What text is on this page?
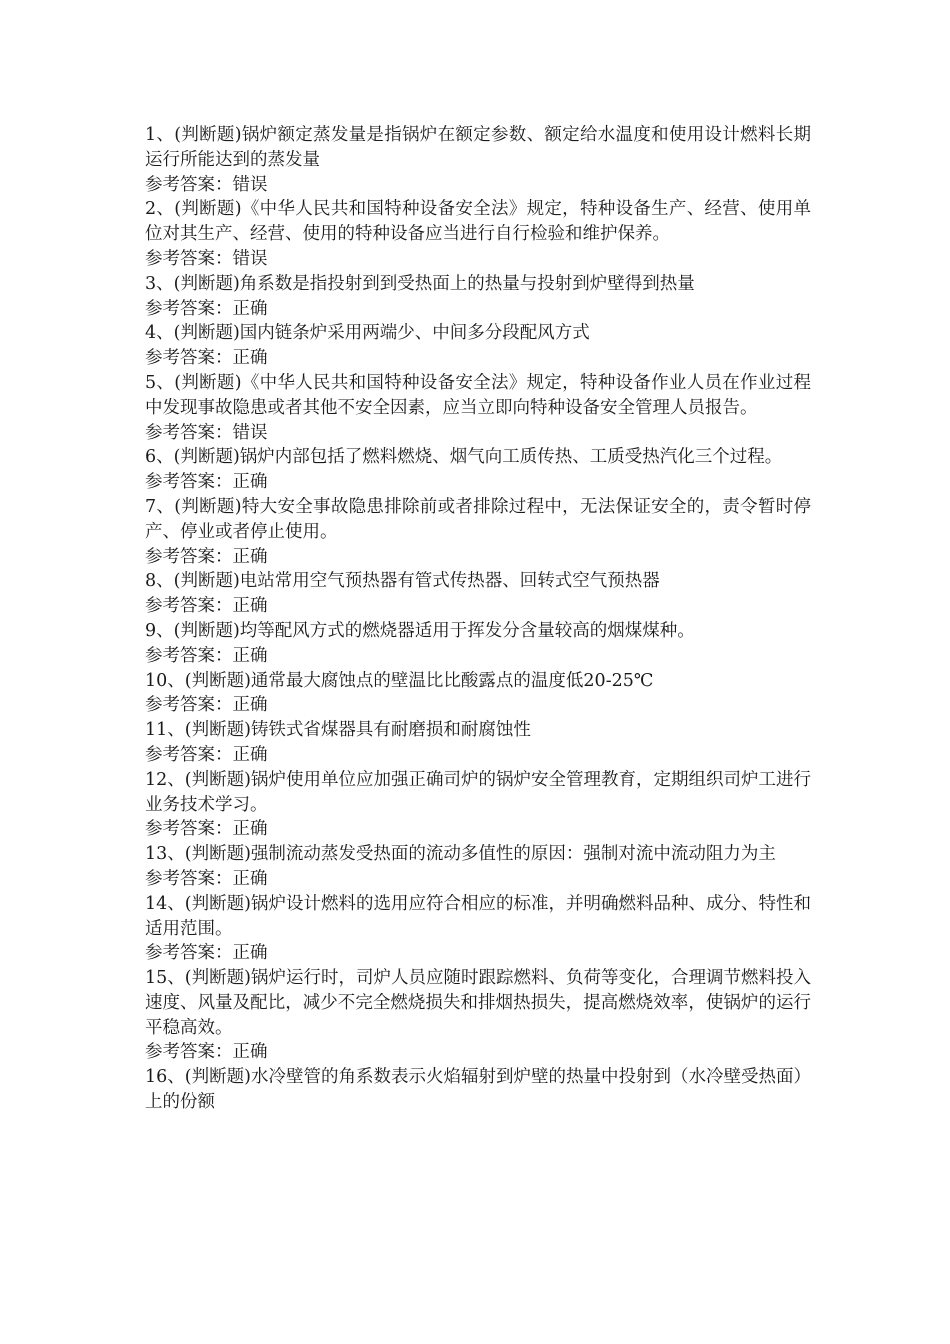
1、(判断题)锅炉额定蒸发量是指锅炉在额定参数、额定给水温度和使用设计燃料长期运行所能达到的蒸发量

参考答案：错误

2、(判断题)《中华人民共和国特种设备安全法》规定，特种设备生产、经营、使用单位对其生产、经营、使用的特种设备应当进行自行检验和维护保养。

参考答案：错误

3、(判断题)角系数是指投射到到受热面上的热量与投射到炉壁得到热量

参考答案：正确

4、(判断题)国内链条炉采用两端少、中间多分段配风方式

参考答案：正确

5、(判断题)《中华人民共和国特种设备安全法》规定，特种设备作业人员在作业过程中发现事故隐患或者其他不安全因素，应当立即向特种设备安全管理人员报告。

参考答案：错误

6、(判断题)锅炉内部包括了燃料燃烧、烟气向工质传热、工质受热汽化三个过程。

参考答案：正确

7、(判断题)特大安全事故隐患排除前或者排除过程中，无法保证安全的，责令暂时停产、停业或者停止使用。

参考答案：正确

8、(判断题)电站常用空气预热器有管式传热器、回转式空气预热器

参考答案：正确

9、(判断题)均等配风方式的燃烧器适用于挥发分含量较高的烟煤煤种。

参考答案：正确

10、(判断题)通常最大腐蚀点的壁温比比酸露点的温度低20-25℃

参考答案：正确

11、(判断题)铸铁式省煤器具有耐磨损和耐腐蚀性

参考答案：正确

12、(判断题)锅炉使用单位应加强正确司炉的锅炉安全管理教育，定期组织司炉工进行业务技术学习。

参考答案：正确

13、(判断题)强制流动蒸发受热面的流动多值性的原因：强制对流中流动阻力为主

参考答案：正确

14、(判断题)锅炉设计燃料的选用应符合相应的标准，并明确燃料品种、成分、特性和适用范围。

参考答案：正确

15、(判断题)锅炉运行时，司炉人员应随时跟踪燃料、负荷等变化，合理调节燃料投入速度、风量及配比，减少不完全燃烧损失和排烟热损失，提高燃烧效率，使锅炉的运行平稳高效。

参考答案：正确

16、(判断题)水冷壁管的角系数表示火焰辐射到炉壁的热量中投射到（水冷壁受热面）上的份额
